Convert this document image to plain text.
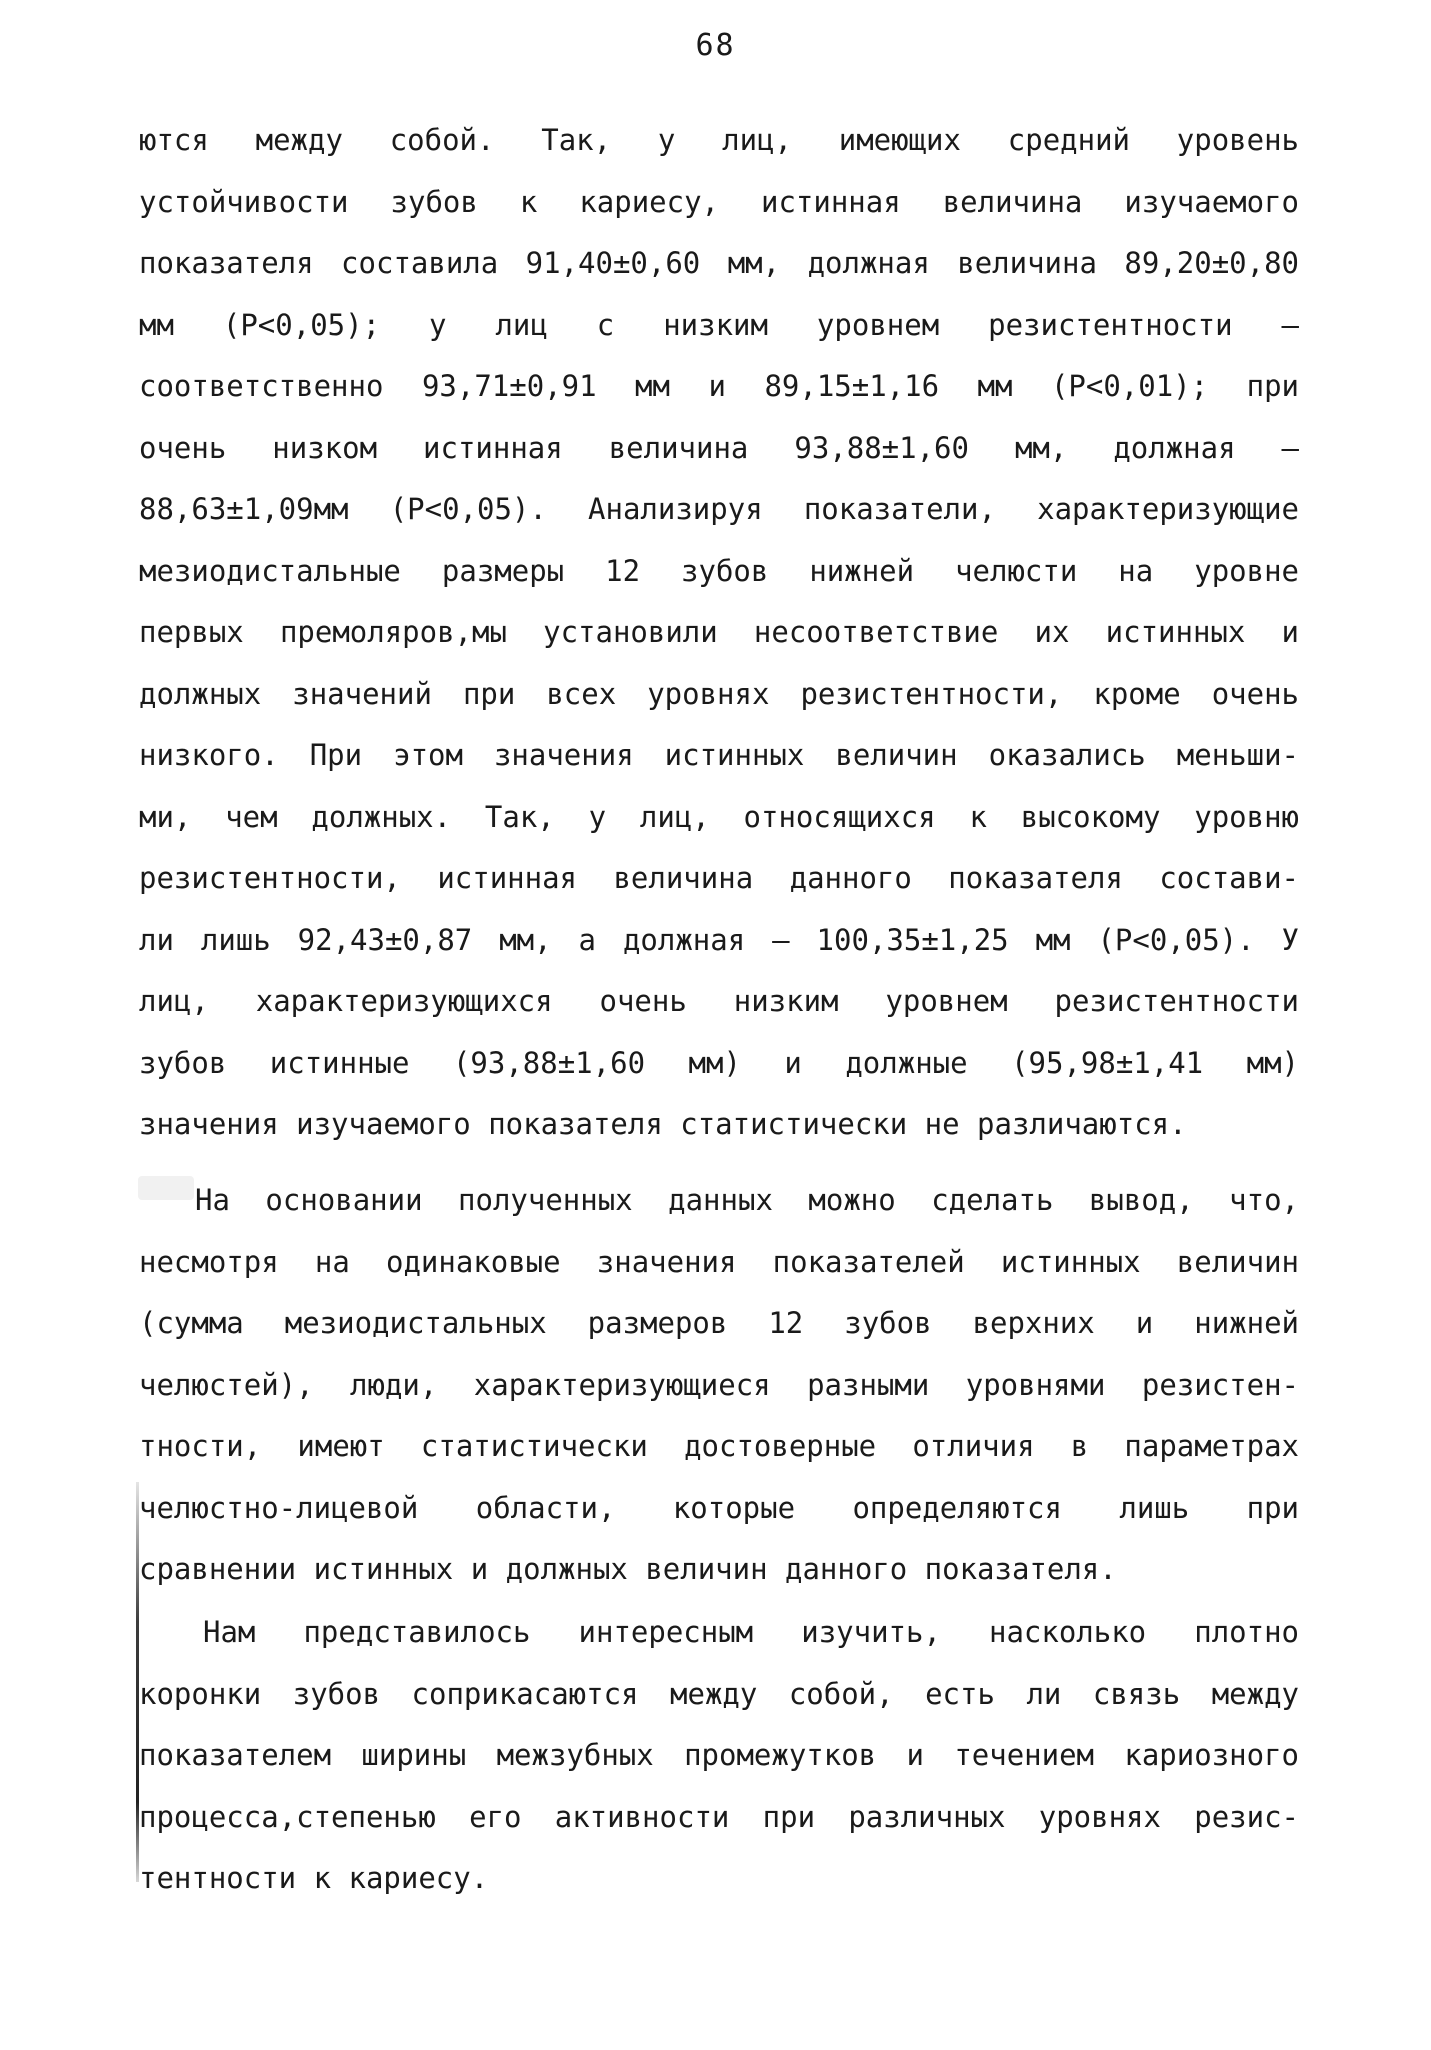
68
ются между собой. Так, у лиц, имеющих средний уровень
устойчивости зубов к кариесу, истинная величина изучаемого
показателя составила 91,40±0,60 мм, должная величина 89,20±0,80
мм (P<0,05); у лиц с низким уровнем резистентности –
соответственно 93,71±0,91 мм и 89,15±1,16 мм (P<0,01); при
очень низком истинная величина 93,88±1,60 мм, должная –
88,63±1,09мм (P<0,05). Анализируя показатели, характеризующие
мезиодистальные размеры 12 зубов нижней челюсти на уровне
первых премоляров,мы установили несоответствие их истинных и
должных значений при всех уровнях резистентности, кроме очень
низкого. При этом значения истинных величин оказались меньши-
ми, чем должных. Так, у лиц, относящихся к высокому уровню
резистентности, истинная величина данного показателя состави-
ли лишь 92,43±0,87 мм, а должная – 100,35±1,25 мм (P<0,05). У
лиц, характеризующихся очень низким уровнем резистентности
зубов истинные (93,88±1,60 мм) и должные (95,98±1,41 мм)
значения изучаемого показателя статистически не различаются.
На основании полученных данных можно сделать вывод, что,
несмотря на одинаковые значения показателей истинных величин
(сумма мезиодистальных размеров 12 зубов верхних и нижней
челюстей), люди, характеризующиеся разными уровнями резистен-
тности, имеют статистически достоверные отличия в параметрах
челюстно-лицевой области, которые определяются лишь при
сравнении истинных и должных величин данного показателя.
Нам представилось интересным изучить, насколько плотно
коронки зубов соприкасаются между собой, есть ли связь между
показателем ширины межзубных промежутков и течением кариозного
процесса,степенью его активности при различных уровнях резис-
тентности к кариесу.
